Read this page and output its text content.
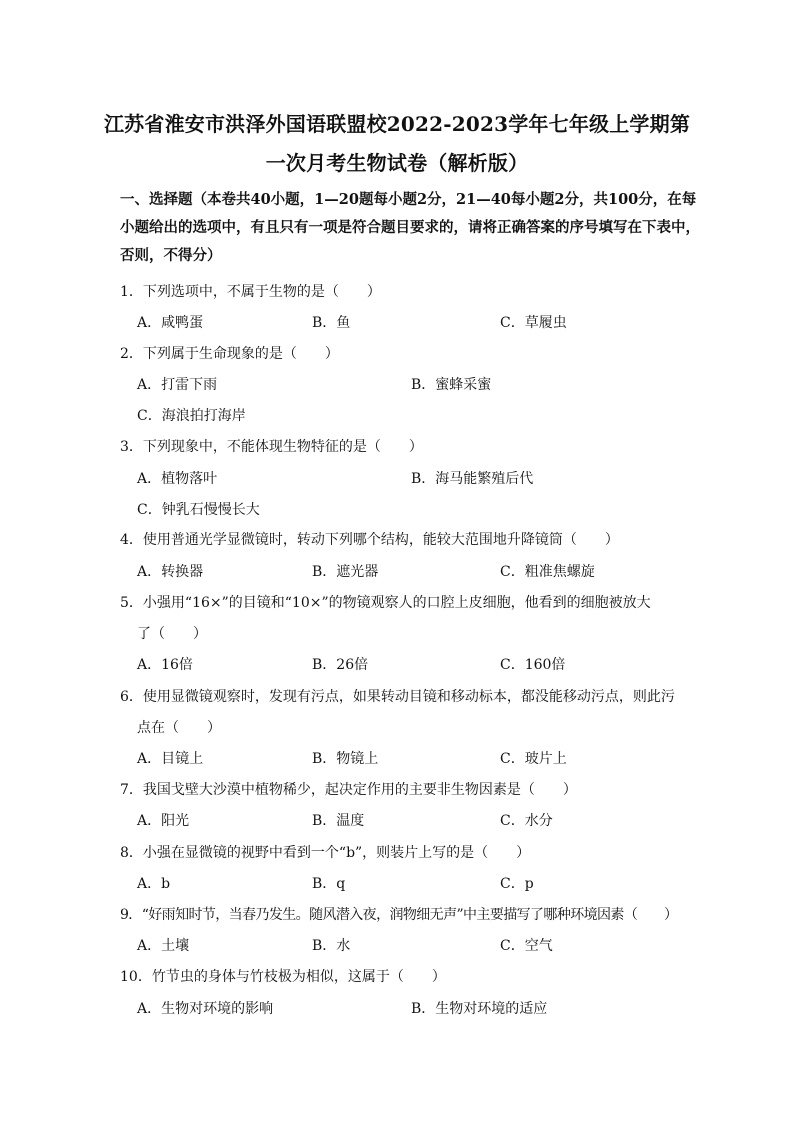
江苏省淮安市洪泽外国语联盟校2022-2023学年七年级上学期第
一次月考生物试卷（解析版）

一、选择题（本卷共40小题，1—20题每小题2分，21—40每小题2分，共100分，在每

小题给出的选项中，有且只有一项是符合题目要求的，请将正确答案的序号填写在下表中，

否则，不得分）

1．下列选项中，不属于生物的是（　　）
A．咸鸭蛋	B．鱼	C．草履虫
2．下列属于生命现象的是（　　）
A．打雷下雨	B．蜜蜂采蜜
C．海浪拍打海岸
3．下列现象中，不能体现生物特征的是（　　）
A．植物落叶	B．海马能繁殖后代
C．钟乳石慢慢长大
4．使用普通光学显微镜时，转动下列哪个结构，能较大范围地升降镜筒（　　）
A．转换器	B．遮光器	C．粗准焦螺旋
5．小强用“16×”的目镜和“10×”的物镜观察人的口腔上皮细胞，他看到的细胞被放大
了（　　）
A．16倍	B．26倍	C．160倍
6．使用显微镜观察时，发现有污点，如果转动目镜和移动标本，都没能移动污点，则此污
点在（　　）
A．目镜上	B．物镜上	C．玻片上
7．我国戈壁大沙漠中植物稀少，起决定作用的主要非生物因素是（　　）
A．阳光	B．温度	C．水分
8．小强在显微镜的视野中看到一个“b”，则装片上写的是（　　）
A．b	B．q	C．p
9．“好雨知时节，当春乃发生。随风潜入夜，润物细无声”中主要描写了哪种环境因素（　　）
A．土壤	B．水	C．空气
10．竹节虫的身体与竹枝极为相似，这属于（　　）
A．生物对环境的影响	B．生物对环境的适应
